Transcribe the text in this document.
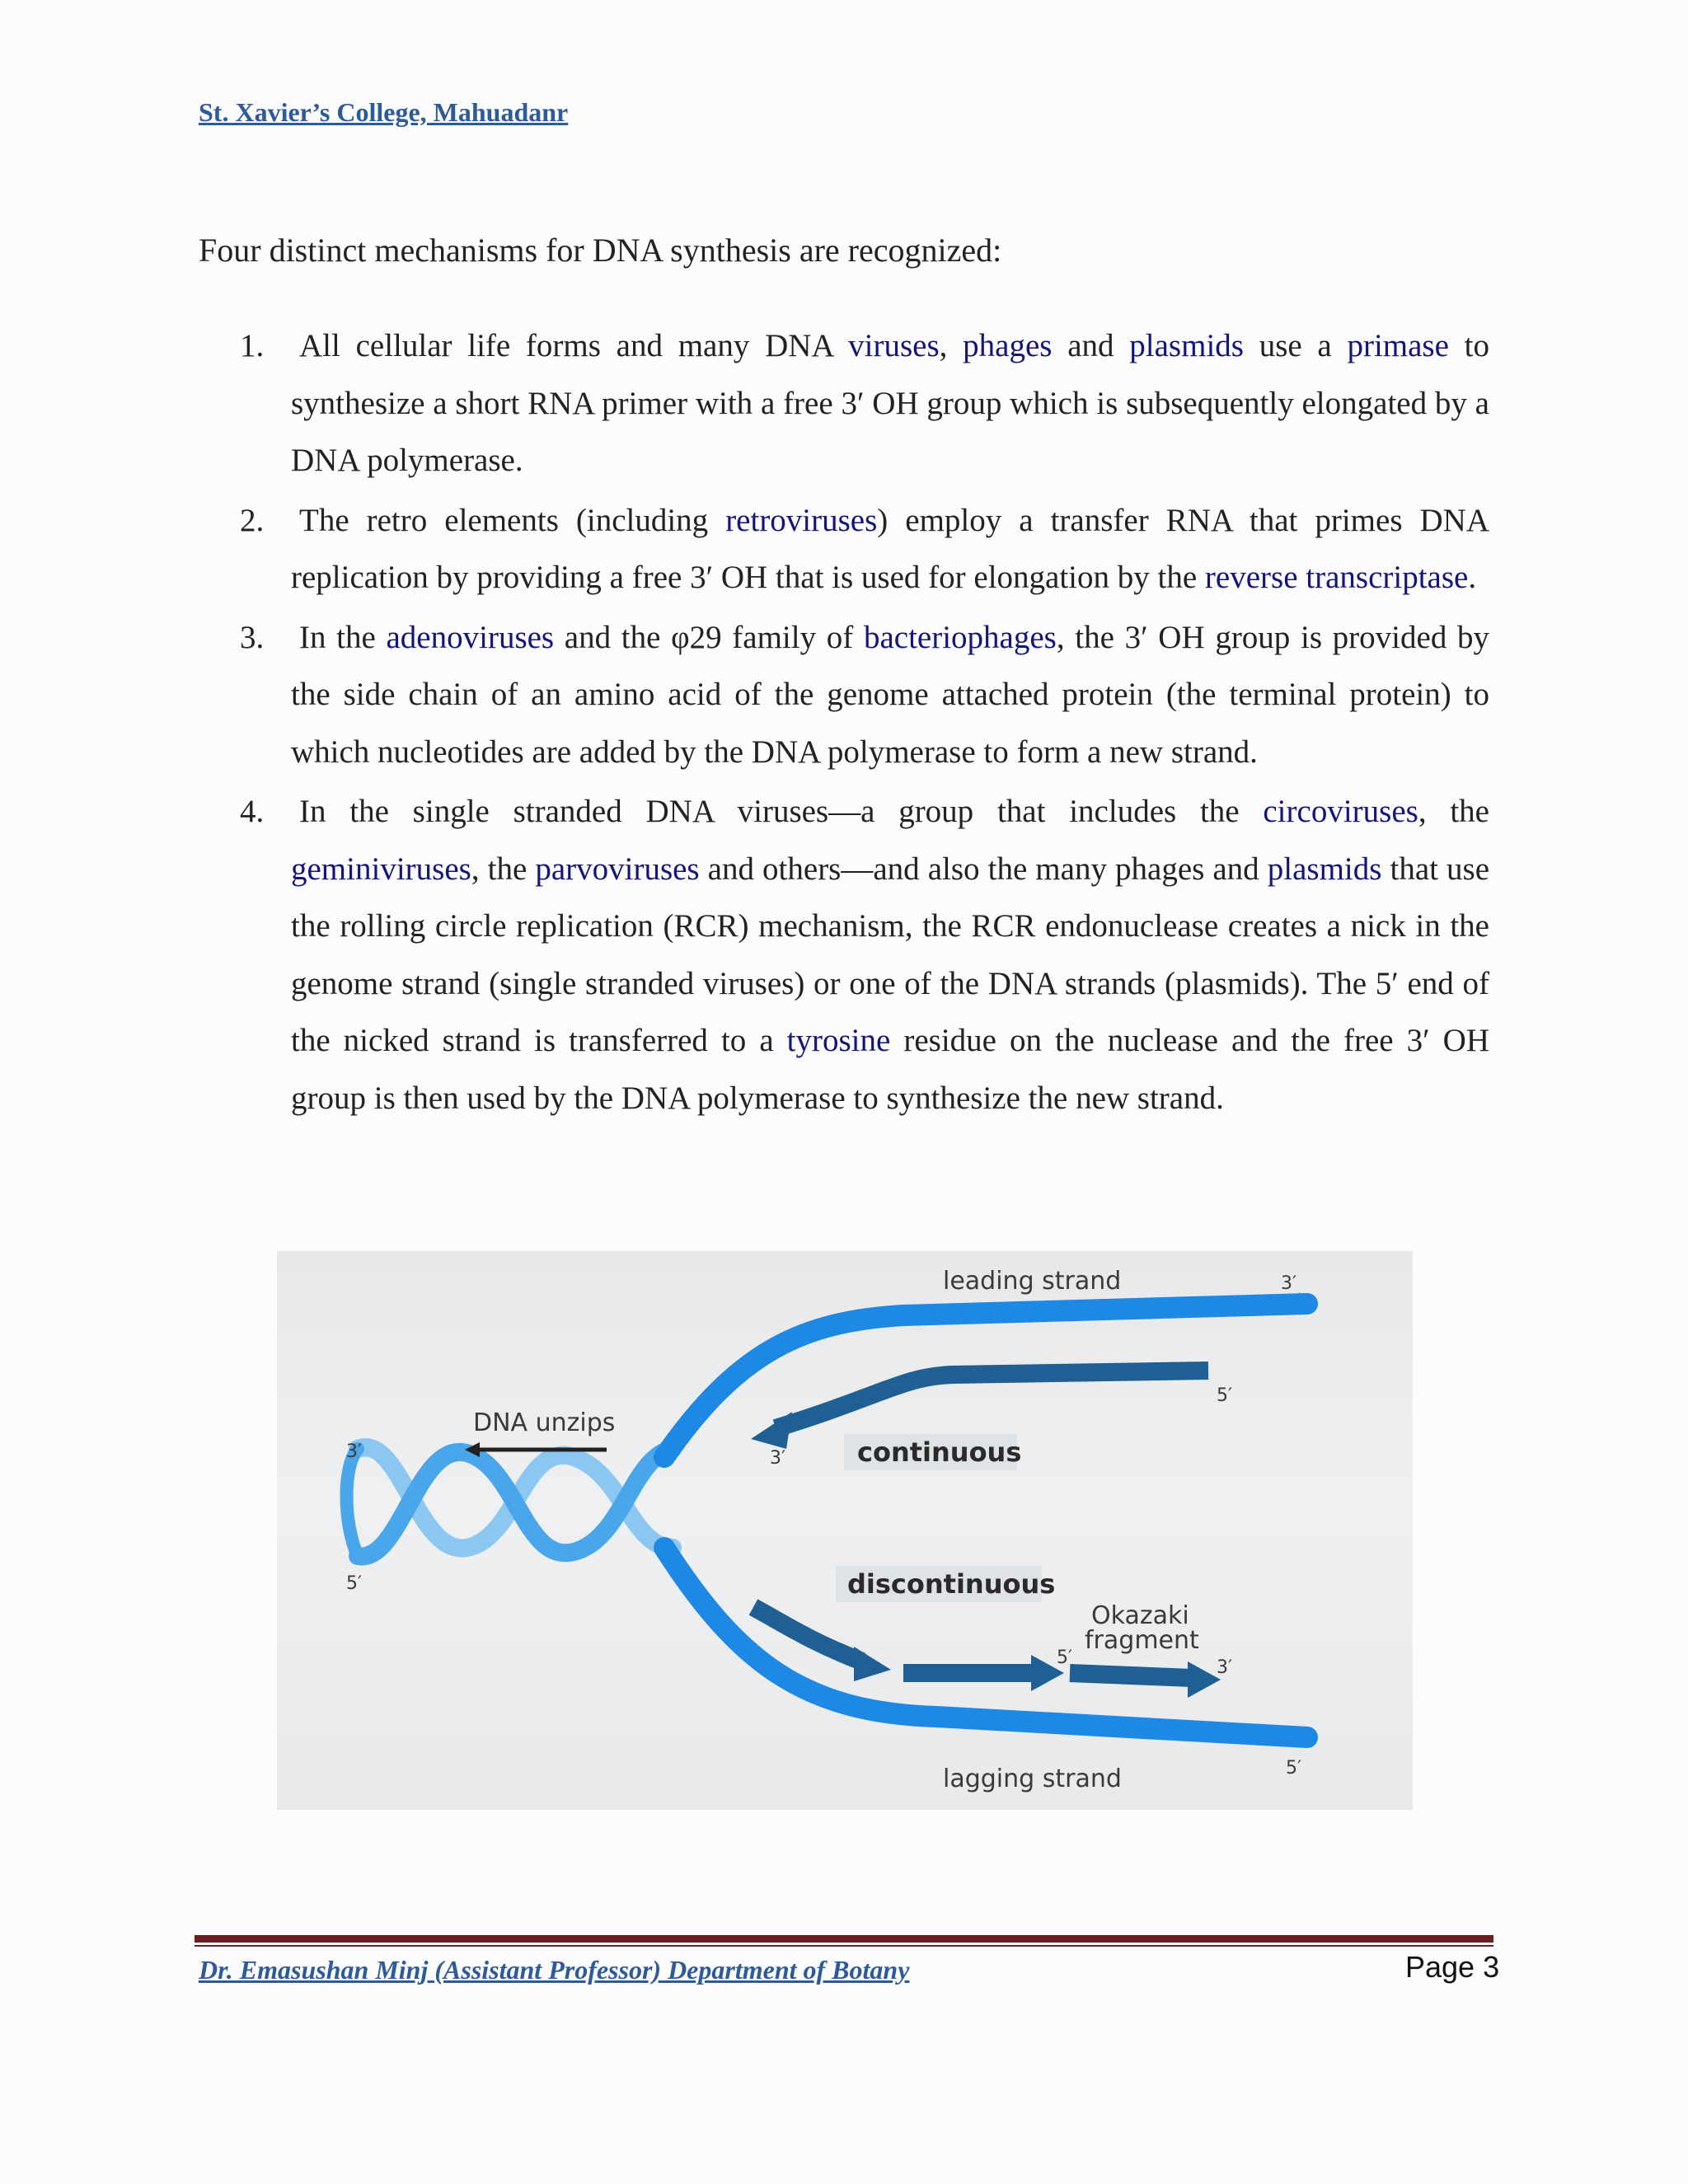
St. Xavier’s College, Mahuadanr
Four distinct mechanisms for DNA synthesis are recognized:
1. All cellular life forms and many DNA viruses, phages and plasmids use a primase to synthesize a short RNA primer with a free 3′ OH group which is subsequently elongated by a DNA polymerase.
2. The retro elements (including retroviruses) employ a transfer RNA that primes DNA replication by providing a free 3′ OH that is used for elongation by the reverse transcriptase.
3. In the adenoviruses and the φ29 family of bacteriophages, the 3′ OH group is provided by the side chain of an amino acid of the genome attached protein (the terminal protein) to which nucleotides are added by the DNA polymerase to form a new strand.
4. In the single stranded DNA viruses—a group that includes the circoviruses, the geminiviruses, the parvoviruses and others—and also the many phages and plasmids that use the rolling circle replication (RCR) mechanism, the RCR endonuclease creates a nick in the genome strand (single stranded viruses) or one of the DNA strands (plasmids). The 5′ end of the nicked strand is transferred to a tyrosine residue on the nuclease and the free 3′ OH group is then used by the DNA polymerase to synthesize the new strand.
leading strand
lagging strand
DNA unzips
continuous
discontinuous
Okazaki
fragment
3′
5′
3′
5′
3′
5′	3′
5′
Dr. Emasushan Minj (Assistant Professor) Department of Botany	Page 3
